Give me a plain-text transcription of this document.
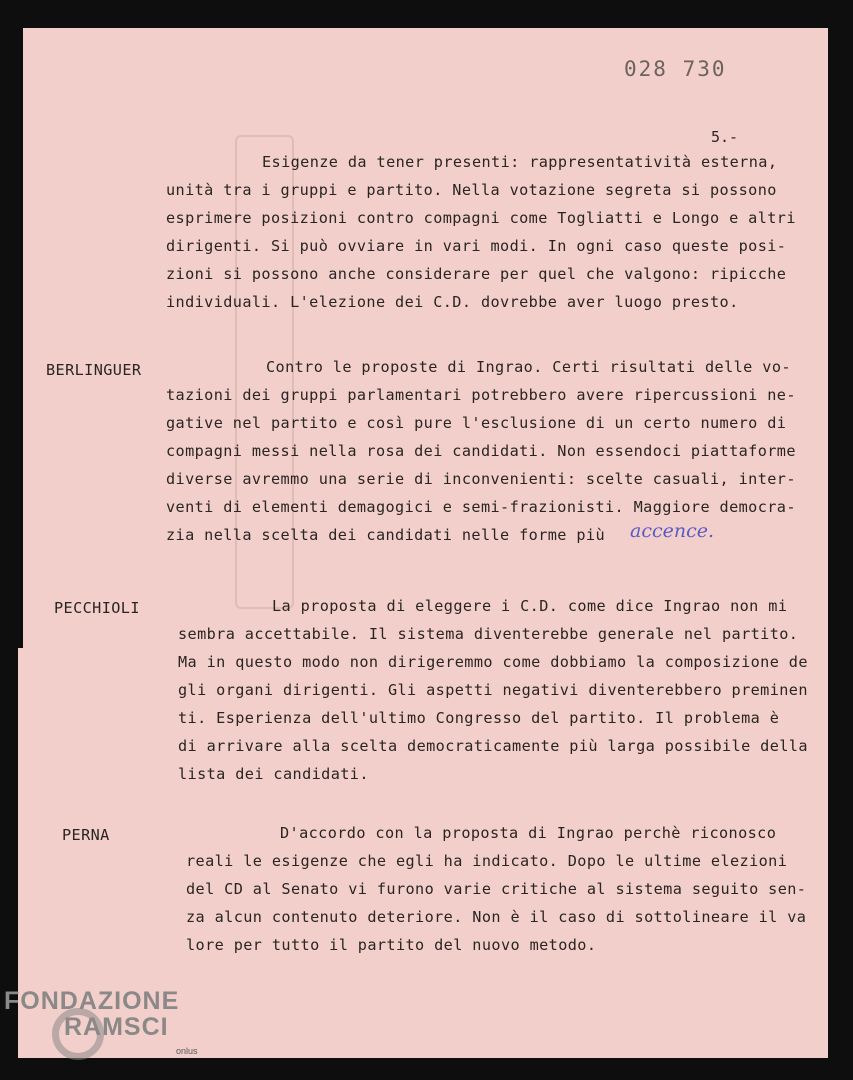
028 730
5.-
Esigenze da tener presenti: rappresentatività esterna,
unità tra i gruppi e partito. Nella votazione segreta si possono
esprimere posizioni contro compagni come Togliatti e Longo e altri
dirigenti. Si può ovviare in vari modi. In ogni caso queste posi-
zioni si possono anche considerare per quel che valgono: ripicche
individuali. L'elezione dei C.D. dovrebbe aver luogo presto.
BERLINGUER	Contro le proposte di Ingrao. Certi risultati delle vo-
tazioni dei gruppi parlamentari potrebbero avere ripercussioni ne-
gative nel partito e così pure l'esclusione di un certo numero di
compagni messi nella rosa dei candidati. Non essendoci piattaforme
diverse avremmo una serie di inconvenienti: scelte casuali, inter-
venti di elementi demagogici e semi-frazionisti. Maggiore democra-
zia nella scelta dei candidati nelle forme più accence.
PECCHIOLI	La proposta di eleggere i C.D. come dice Ingrao non mi
sembra accettabile. Il sistema diventerebbe generale nel partito.
Ma in questo modo non dirigeremmo come dobbiamo la composizione de
gli organi dirigenti. Gli aspetti negativi diventerebbero preminen
ti. Esperienza dell'ultimo Congresso del partito. Il problema è
di arrivare alla scelta democraticamente più larga possibile della
lista dei candidati.
PERNA	D'accordo con la proposta di Ingrao perchè riconosco
reali le esigenze che egli ha indicato. Dopo le ultime elezioni
del CD al Senato vi furono varie critiche al sistema seguito sen-
za alcun contenuto deteriore. Non è il caso di sottolineare il va
lore per tutto il partito del nuovo metodo.
FONDAZIONE
RAMSCI
onlus
